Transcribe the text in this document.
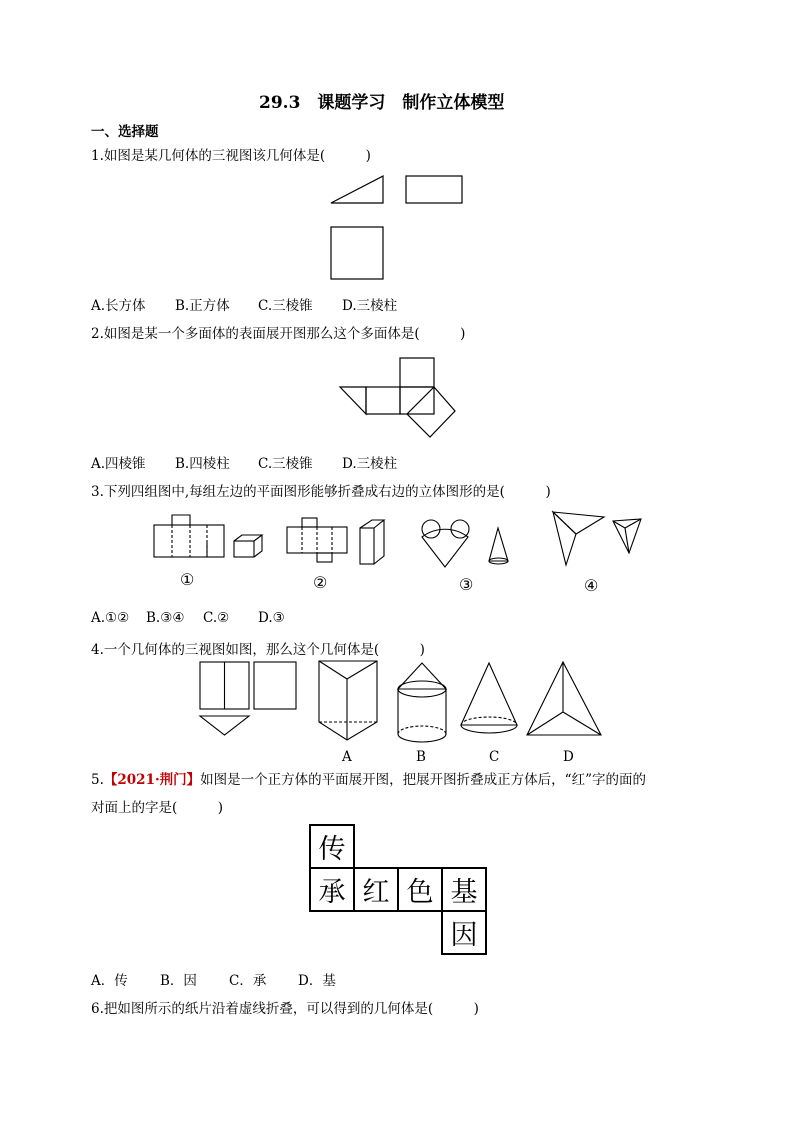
29.3　课题学习　制作立体模型
一、选择题
1.如图是某几何体的三视图该几何体是(　　　)
A.长方体 B.正方体 C.三棱锥 D.三棱柱
2.如图是某一个多面体的表面展开图那么这个多面体是(　　　)
A.四棱锥 B.四棱柱 C.三棱锥 D.三棱柱
3.下列四组图中,每组左边的平面图形能够折叠成右边的立体图形的是(　　　)
①	②	③	④
A.①② B.③④ C.② D.③
4.一个几何体的三视图如图，那么这个几何体是(　　　)
A	B	C	D
5.【2021·荆门】如图是一个正方体的平面展开图，把展开图折叠成正方体后，“红”字的面的
对面上的字是(　　　)
传
承 红 色 基
因
A．传 B．因 C．承 D．基
6.把如图所示的纸片沿着虚线折叠，可以得到的几何体是(　　　)
